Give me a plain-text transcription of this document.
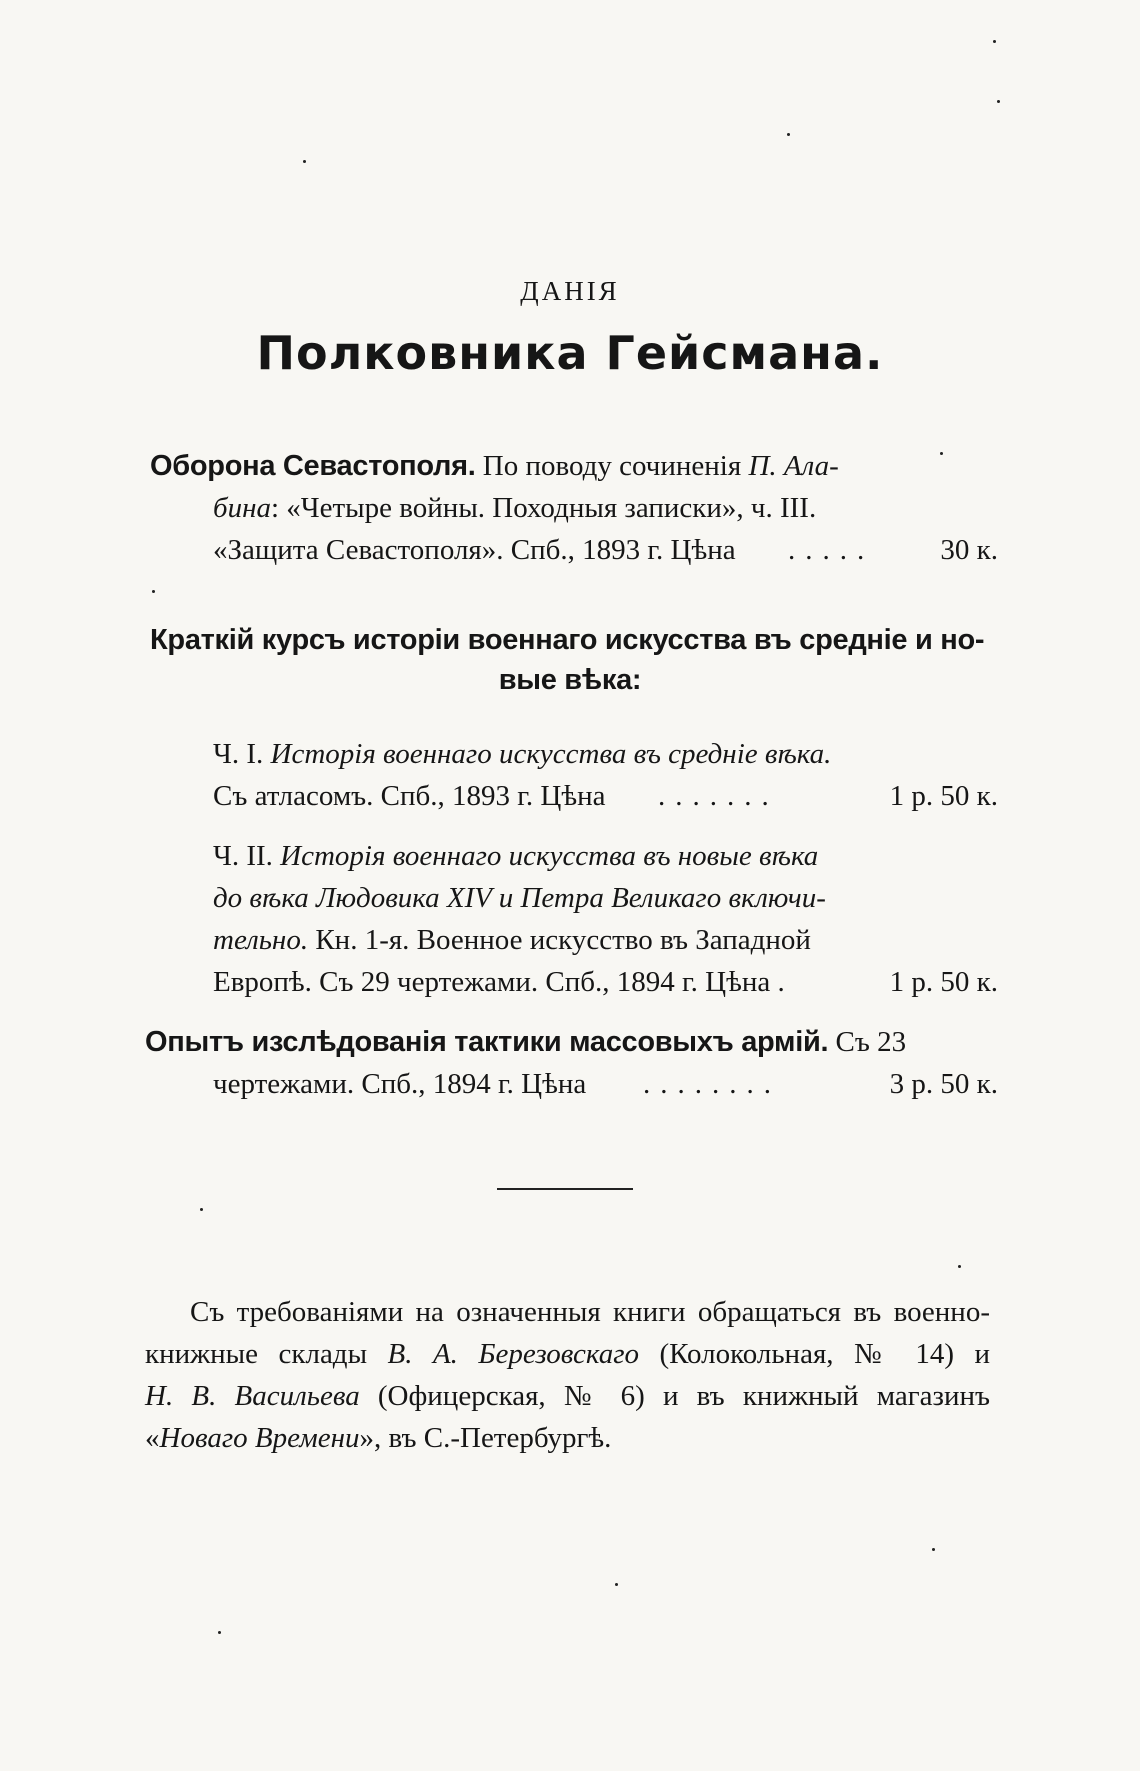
ДАНІЯ
Полковника Гейсмана.
Оборона Севастополя. По поводу сочиненія П. Ала-
бина: «Четыре войны. Походныя записки», ч. III.
«Защита Севастополя». Спб., 1893 г. Цѣна ..... 30 к.
Краткій курсъ исторіи военнаго искусства въ средніе и но-
вые вѣка:
Ч. I. Исторія военнаго искусства въ средніе вѣка.
Съ атласомъ. Спб., 1893 г. Цѣна .......	1 р. 50 к.
Ч. II. Исторія военнаго искусства въ новые вѣка
до вѣка Людовика XIV и Петра Великаго включи-
тельно. Кн. 1-я. Военное искусство въ Западной
Европѣ. Съ 29 чертежами. Спб., 1894 г. Цѣна .	1 р. 50 к.
Опытъ изслѣдованія тактики массовыхъ армій. Съ 23
чертежами. Спб., 1894 г. Цѣна ........	3 р. 50 к.
Съ требованіями на означенныя книги обращаться въ военно-
книжные склады В. А. Березовскаго (Колокольная, № 14) и
Н. В. Васильева (Офицерская, № 6) и въ книжный магазинъ
«Новаго Времени», въ С.-Петербургѣ.
